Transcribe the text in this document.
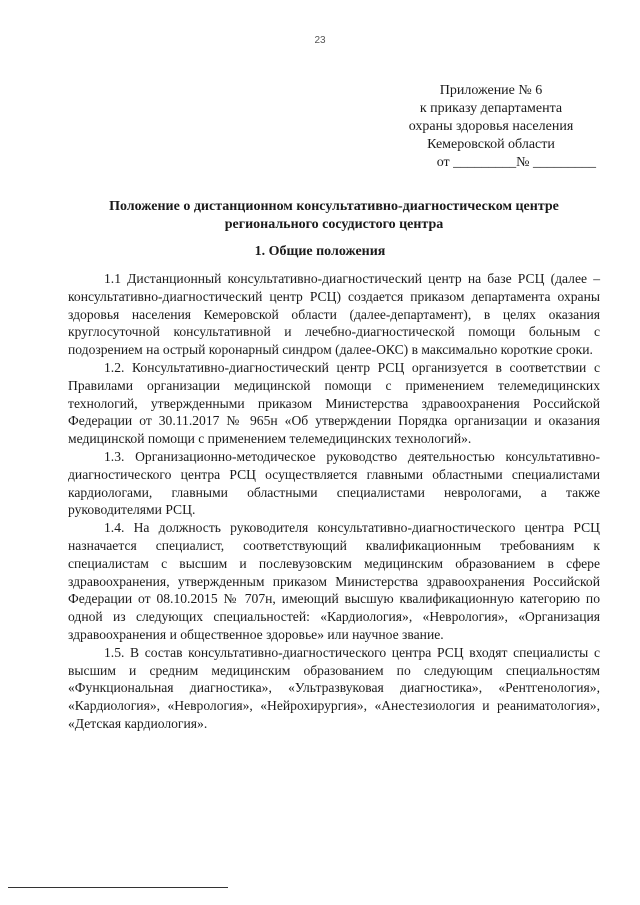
23
Приложение № 6
к приказу департамента
охраны здоровья населения
Кемеровской области
от _________№ _________
Положение о дистанционном консультативно-диагностическом центре регионального сосудистого центра
1. Общие положения

1.1 Дистанционный консультативно-диагностический центр на базе РСЦ (далее – консультативно-диагностический центр РСЦ) создается приказом департамента охраны здоровья населения Кемеровской области (далее-департамент), в целях оказания круглосуточной консультативной и лечебно-диагностической помощи больным с подозрением на острый коронарный синдром (далее-ОКС) в максимально короткие сроки.

1.2. Консультативно-диагностический центр РСЦ организуется в соответствии с Правилами организации медицинской помощи с применением телемедицинских технологий, утвержденными приказом Министерства здравоохранения Российской Федерации от 30.11.2017 № 965н «Об утверждении Порядка организации и оказания медицинской помощи с применением телемедицинских технологий».

1.3. Организационно-методическое руководство деятельностью консультативно-диагностического центра РСЦ осуществляется главными областными специалистами кардиологами, главными областными специалистами неврологами, а также руководителями РСЦ.

1.4. На должность руководителя консультативно-диагностического центра РСЦ назначается специалист, соответствующий квалификационным требованиям к специалистам с высшим и послевузовским медицинским образованием в сфере здравоохранения, утвержденным приказом Министерства здравоохранения Российской Федерации от 08.10.2015 № 707н, имеющий высшую квалификационную категорию по одной из следующих специальностей: «Кардиология», «Неврология», «Организация здравоохранения и общественное здоровье» или научное звание.

1.5. В состав консультативно-диагностического центра РСЦ входят специалисты с высшим и средним медицинским образованием по следующим специальностям «Функциональная диагностика», «Ультразвуковая диагностика», «Рентгенология», «Кардиология», «Неврология», «Нейрохирургия», «Анестезиология и реаниматология», «Детская кардиология».
